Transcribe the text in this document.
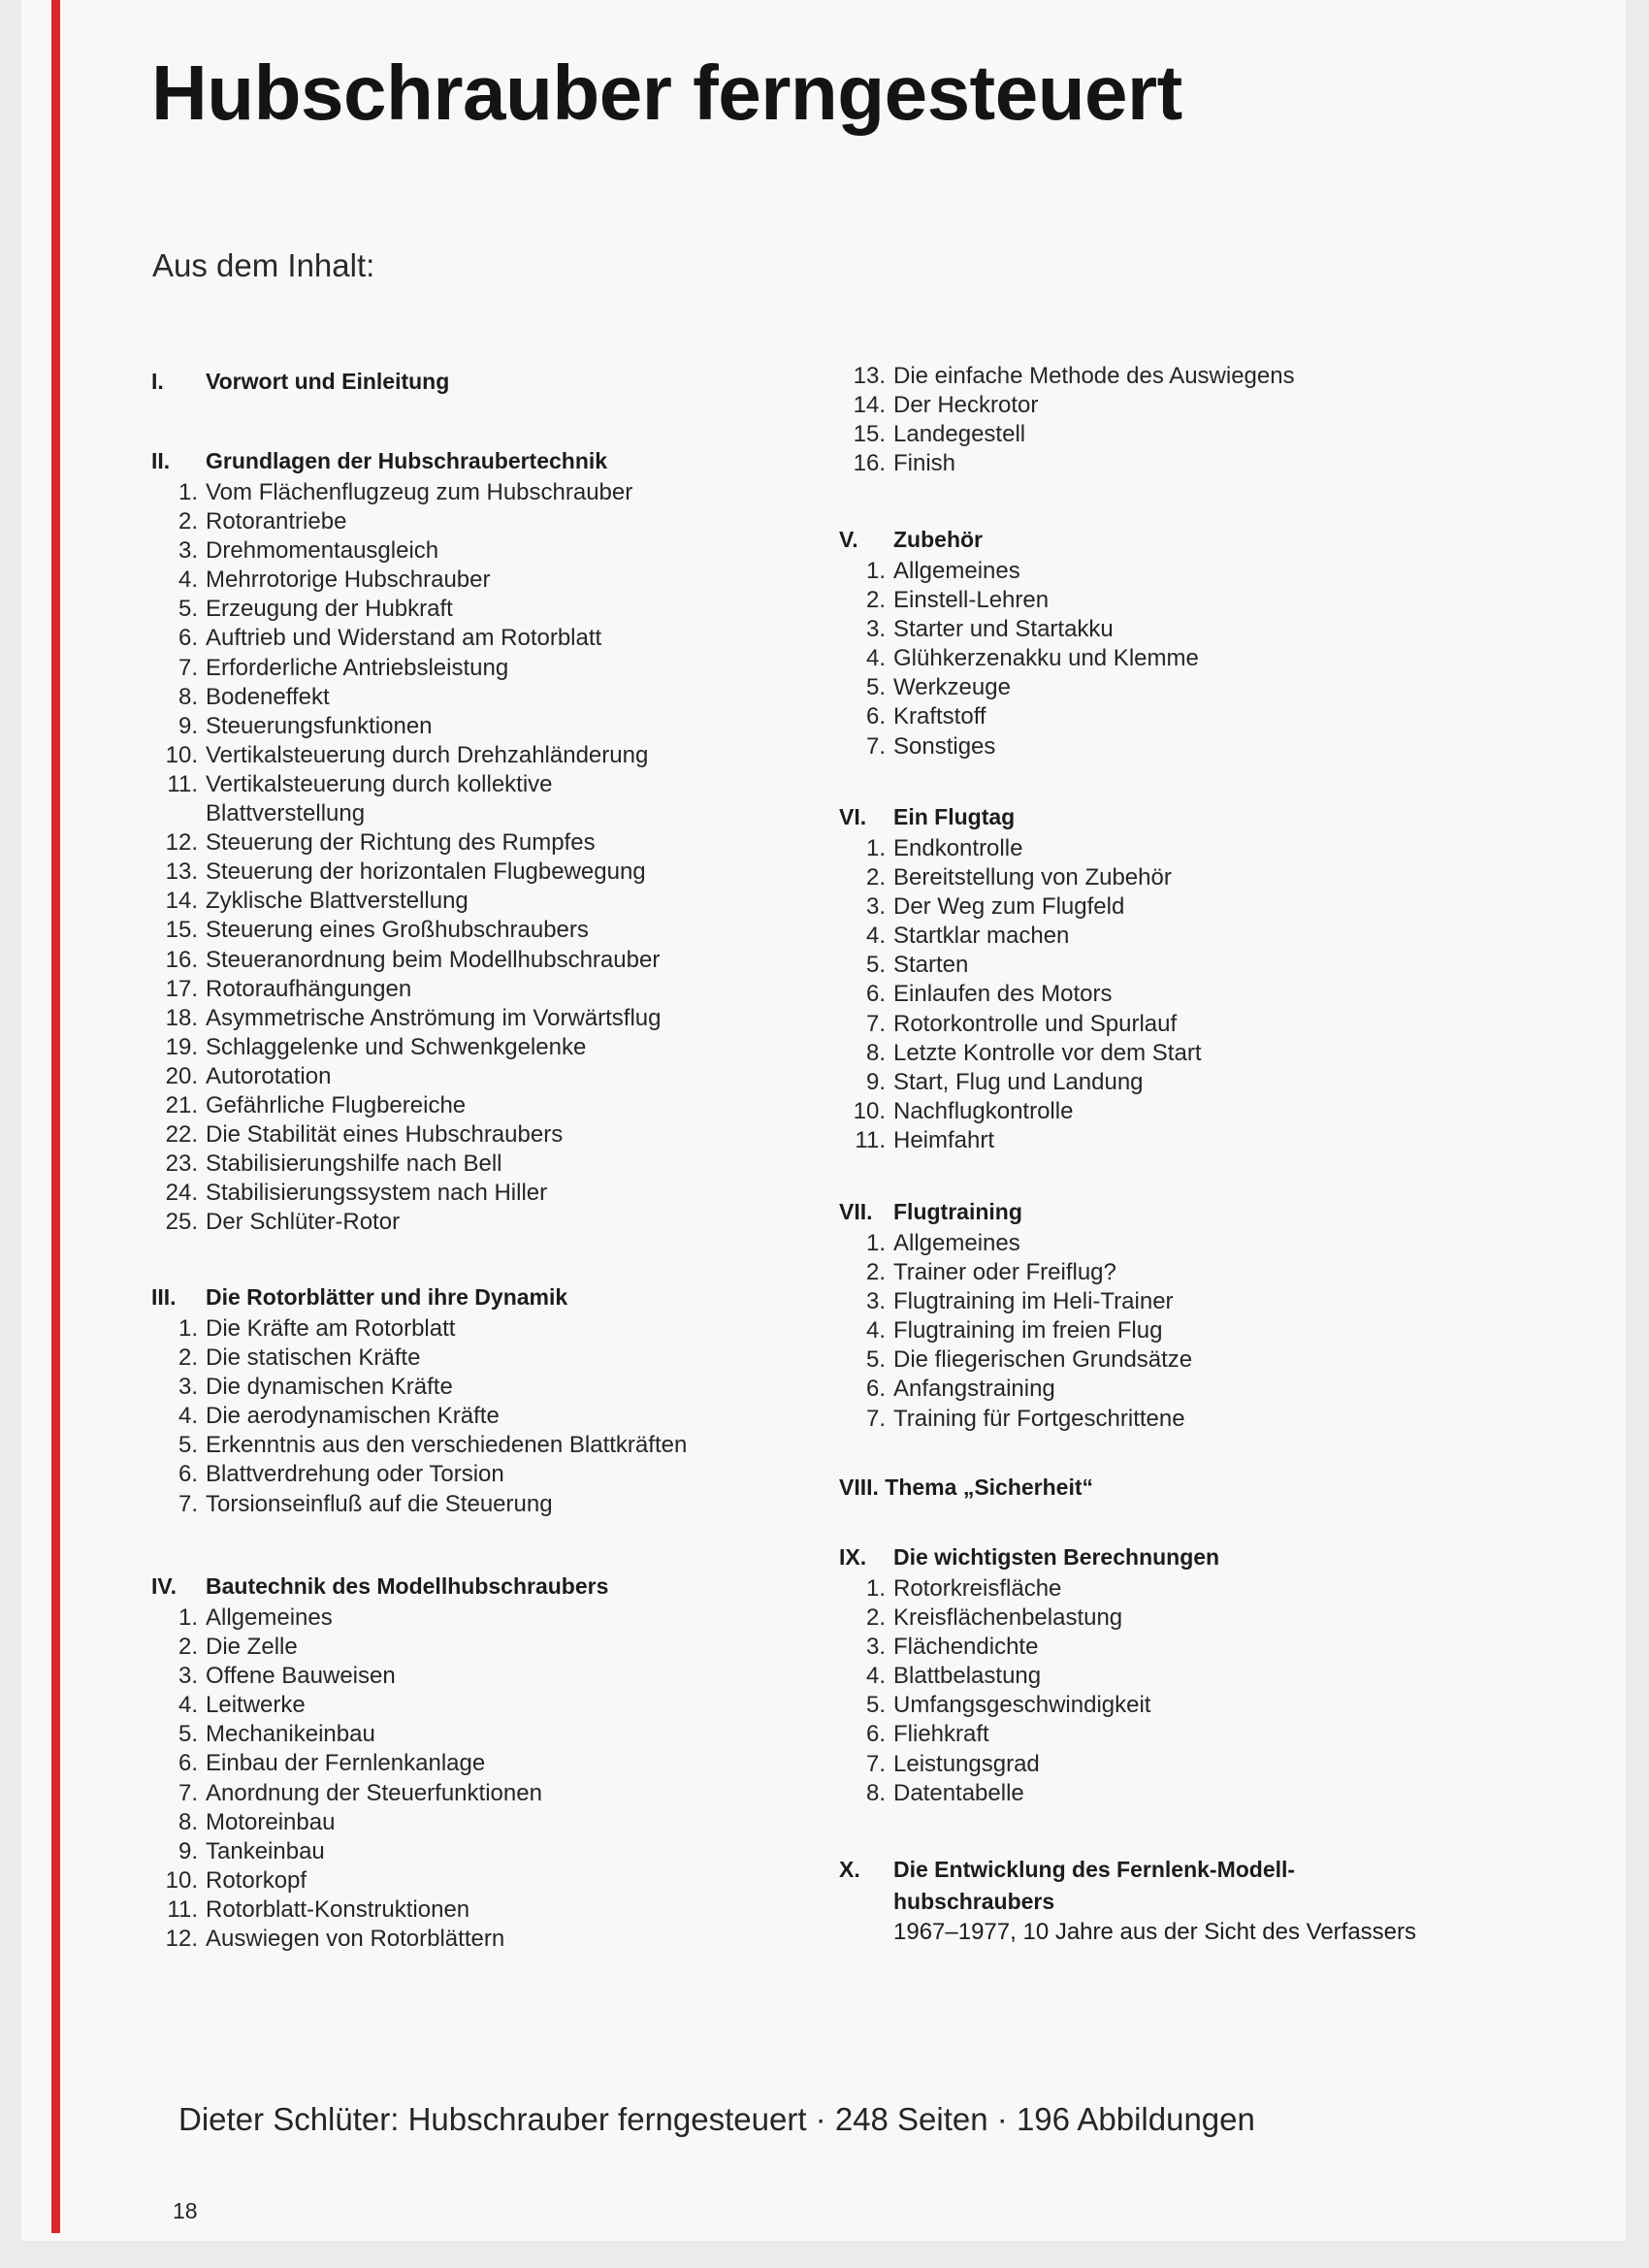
Hubschrauber ferngesteuert
Aus dem Inhalt:
I.	Vorwort und Einleitung
II.	Grundlagen der Hubschraubertechnik
1. Vom Flächenflugzeug zum Hubschrauber
2. Rotorantriebe
3. Drehmomentausgleich
4. Mehrrotorige Hubschrauber
5. Erzeugung der Hubkraft
6. Auftrieb und Widerstand am Rotorblatt
7. Erforderliche Antriebsleistung
8. Bodeneffekt
9. Steuerungsfunktionen
10. Vertikalsteuerung durch Drehzahländerung
11. Vertikalsteuerung durch kollektive
Blattverstellung
12. Steuerung der Richtung des Rumpfes
13. Steuerung der horizontalen Flugbewegung
14. Zyklische Blattverstellung
15. Steuerung eines Großhubschraubers
16. Steueranordnung beim Modellhubschrauber
17. Rotoraufhängungen
18. Asymmetrische Anströmung im Vorwärtsflug
19. Schlaggelenke und Schwenkgelenke
20. Autorotation
21. Gefährliche Flugbereiche
22. Die Stabilität eines Hubschraubers
23. Stabilisierungshilfe nach Bell
24. Stabilisierungssystem nach Hiller
25. Der Schlüter-Rotor
III.	Die Rotorblätter und ihre Dynamik
1. Die Kräfte am Rotorblatt
2. Die statischen Kräfte
3. Die dynamischen Kräfte
4. Die aerodynamischen Kräfte
5. Erkenntnis aus den verschiedenen Blattkräften
6. Blattverdrehung oder Torsion
7. Torsionseinfluß auf die Steuerung
IV.	Bautechnik des Modellhubschraubers
1. Allgemeines
2. Die Zelle
3. Offene Bauweisen
4. Leitwerke
5. Mechanikeinbau
6. Einbau der Fernlenkanlage
7. Anordnung der Steuerfunktionen
8. Motoreinbau
9. Tankeinbau
10. Rotorkopf
11. Rotorblatt-Konstruktionen
12. Auswiegen von Rotorblättern
13. Die einfache Methode des Auswiegens
14. Der Heckrotor
15. Landegestell
16. Finish
V.	Zubehör
1. Allgemeines
2. Einstell-Lehren
3. Starter und Startakku
4. Glühkerzenakku und Klemme
5. Werkzeuge
6. Kraftstoff
7. Sonstiges
VI.	Ein Flugtag
1. Endkontrolle
2. Bereitstellung von Zubehör
3. Der Weg zum Flugfeld
4. Startklar machen
5. Starten
6. Einlaufen des Motors
7. Rotorkontrolle und Spurlauf
8. Letzte Kontrolle vor dem Start
9. Start, Flug und Landung
10. Nachflugkontrolle
11. Heimfahrt
VII. Flugtraining
1. Allgemeines
2. Trainer oder Freiflug?
3. Flugtraining im Heli-Trainer
4. Flugtraining im freien Flug
5. Die fliegerischen Grundsätze
6. Anfangstraining
7. Training für Fortgeschrittene
VIII. Thema „Sicherheit“
IX.	Die wichtigsten Berechnungen
1. Rotorkreisfläche
2. Kreisflächenbelastung
3. Flächendichte
4. Blattbelastung
5. Umfangsgeschwindigkeit
6. Fliehkraft
7. Leistungsgrad
8. Datentabelle
X.	Die Entwicklung des Fernlenk-Modell-
hubschraubers
1967–1977, 10 Jahre aus der Sicht des Verfassers
Dieter Schlüter: Hubschrauber ferngesteuert · 248 Seiten · 196 Abbildungen
18
